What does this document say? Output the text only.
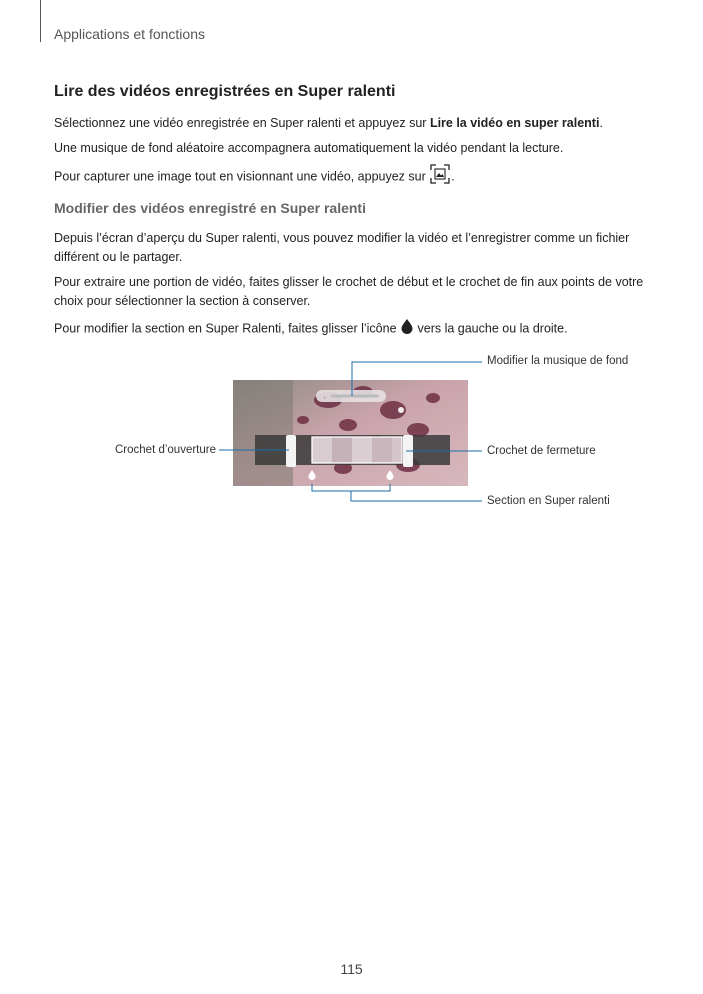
Applications et fonctions
Lire des vidéos enregistrées en Super ralenti

Sélectionnez une vidéo enregistrée en Super ralenti et appuyez sur Lire la vidéo en super ralenti.

Une musique de fond aléatoire accompagnera automatiquement la vidéo pendant la lecture.

Pour capturer une image tout en visionnant une vidéo, appuyez sur .

Modifier des vidéos enregistré en Super ralenti

Depuis l’écran d’aperçu du Super ralenti, vous pouvez modifier la vidéo et l’enregistrer comme un fichier différent ou le partager.

Pour extraire une portion de vidéo, faites glisser le crochet de début et le crochet de fin aux points de votre choix pour sélectionner la section à conserver.

Pour modifier la section en Super Ralenti, faites glisser l’icône  vers la gauche ou la droite.

♪
Modifier la musique de fond
Crochet d’ouverture	Crochet de fermeture
Section en Super ralenti
115
